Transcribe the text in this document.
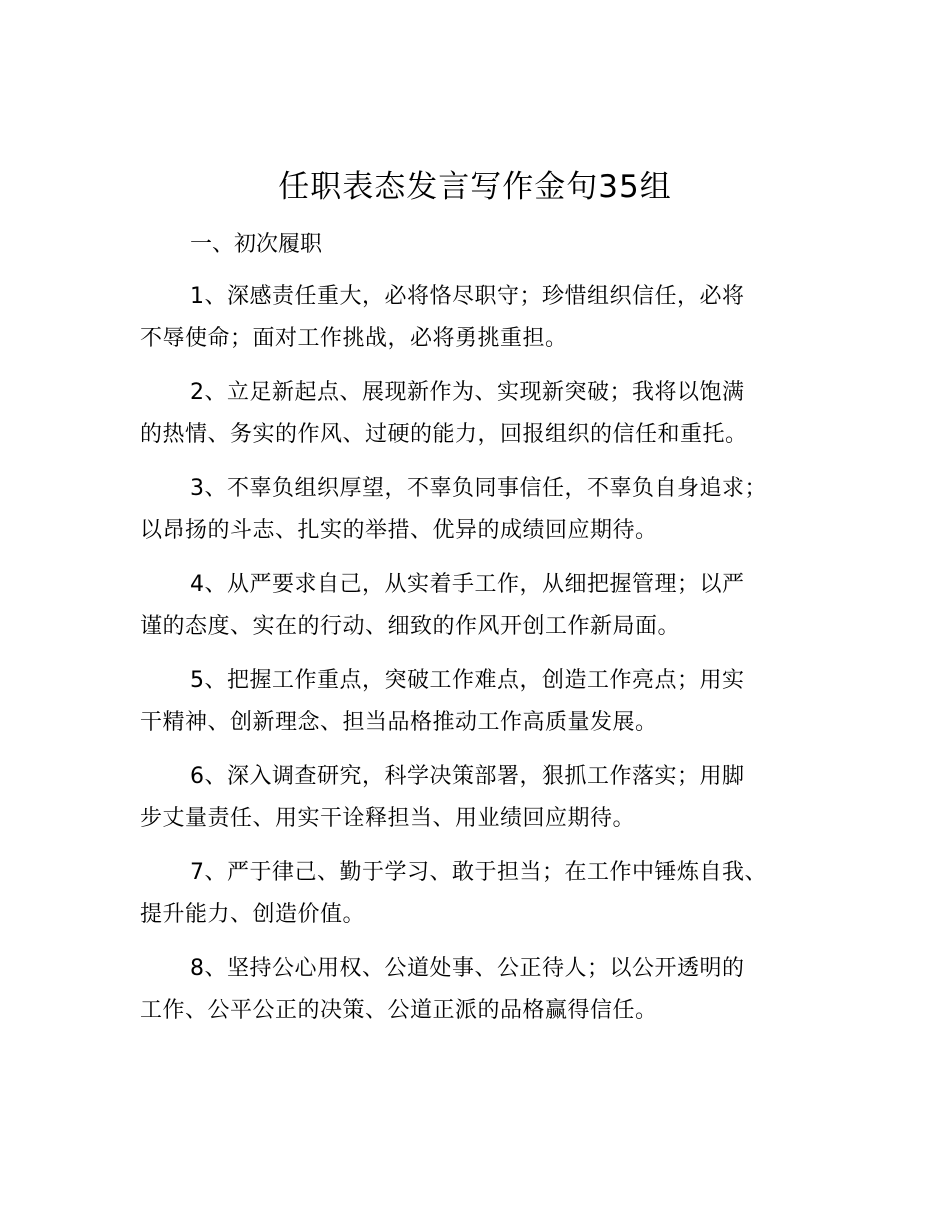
任职表态发言写作金句35组
一、初次履职

1、深感责任重大，必将恪尽职守；珍惜组织信任，必将
不辱使命；面对工作挑战，必将勇挑重担。

2、立足新起点、展现新作为、实现新突破；我将以饱满
的热情、务实的作风、过硬的能力，回报组织的信任和重托。

3、不辜负组织厚望，不辜负同事信任，不辜负自身追求；
以昂扬的斗志、扎实的举措、优异的成绩回应期待。

4、从严要求自己，从实着手工作，从细把握管理；以严
谨的态度、实在的行动、细致的作风开创工作新局面。

5、把握工作重点，突破工作难点，创造工作亮点；用实
干精神、创新理念、担当品格推动工作高质量发展。

6、深入调查研究，科学决策部署，狠抓工作落实；用脚
步丈量责任、用实干诠释担当、用业绩回应期待。

7、严于律己、勤于学习、敢于担当；在工作中锤炼自我、
提升能力、创造价值。

8、坚持公心用权、公道处事、公正待人；以公开透明的
工作、公平公正的决策、公道正派的品格赢得信任。
